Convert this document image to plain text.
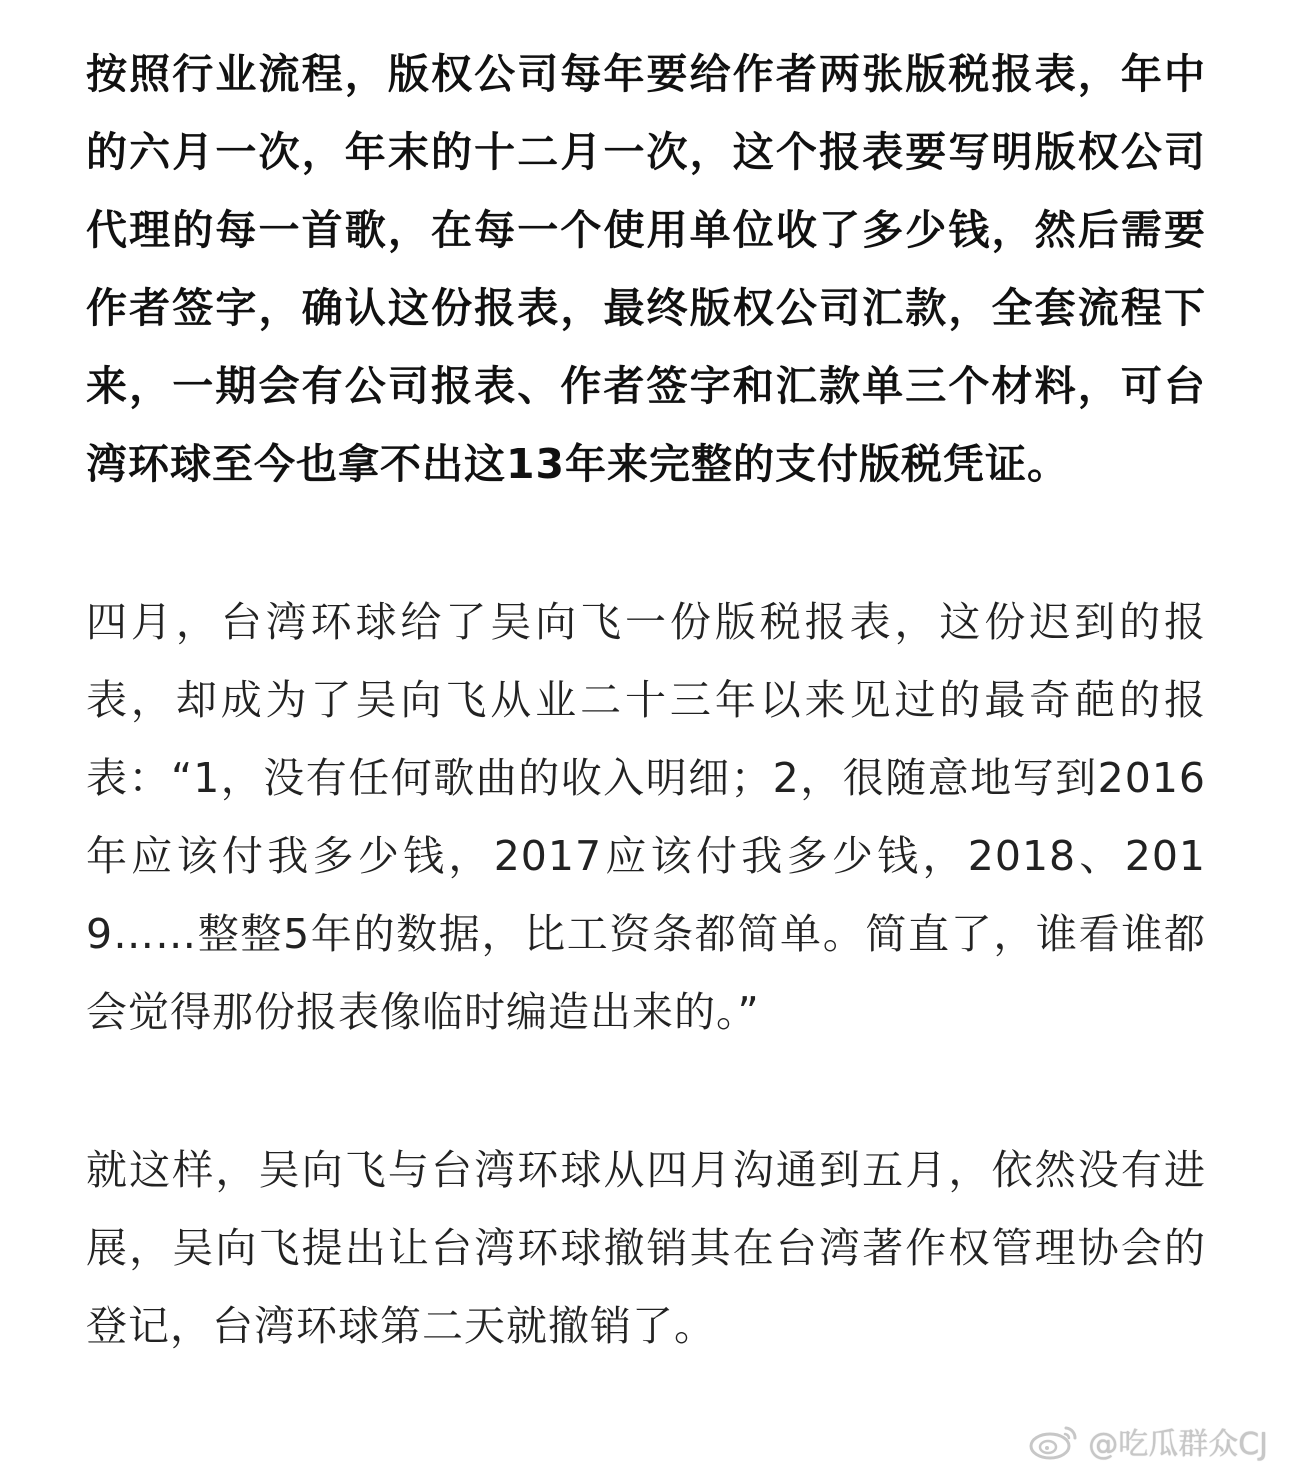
按照行业流程，版权公司每年要给作者两张版税报表，年中的六月一次，年末的十二月一次，这个报表要写明版权公司代理的每一首歌，在每一个使用单位收了多少钱，然后需要作者签字，确认这份报表，最终版权公司汇款，全套流程下来，一期会有公司报表、作者签字和汇款单三个材料，可台湾环球至今也拿不出这13年来完整的支付版税凭证。

四月，台湾环球给了吴向飞一份版税报表，这份迟到的报表，却成为了吴向飞从业二十三年以来见过的最奇葩的报表：“1，没有任何歌曲的收入明细；2，很随意地写到2016年应该付我多少钱，2017应该付我多少钱，2018、2019……整整5年的数据，比工资条都简单。简直了，谁看谁都会觉得那份报表像临时编造出来的。”

就这样，吴向飞与台湾环球从四月沟通到五月，依然没有进展，吴向飞提出让台湾环球撤销其在台湾著作权管理协会的登记，台湾环球第二天就撤销了。

@吃瓜群众CJ
